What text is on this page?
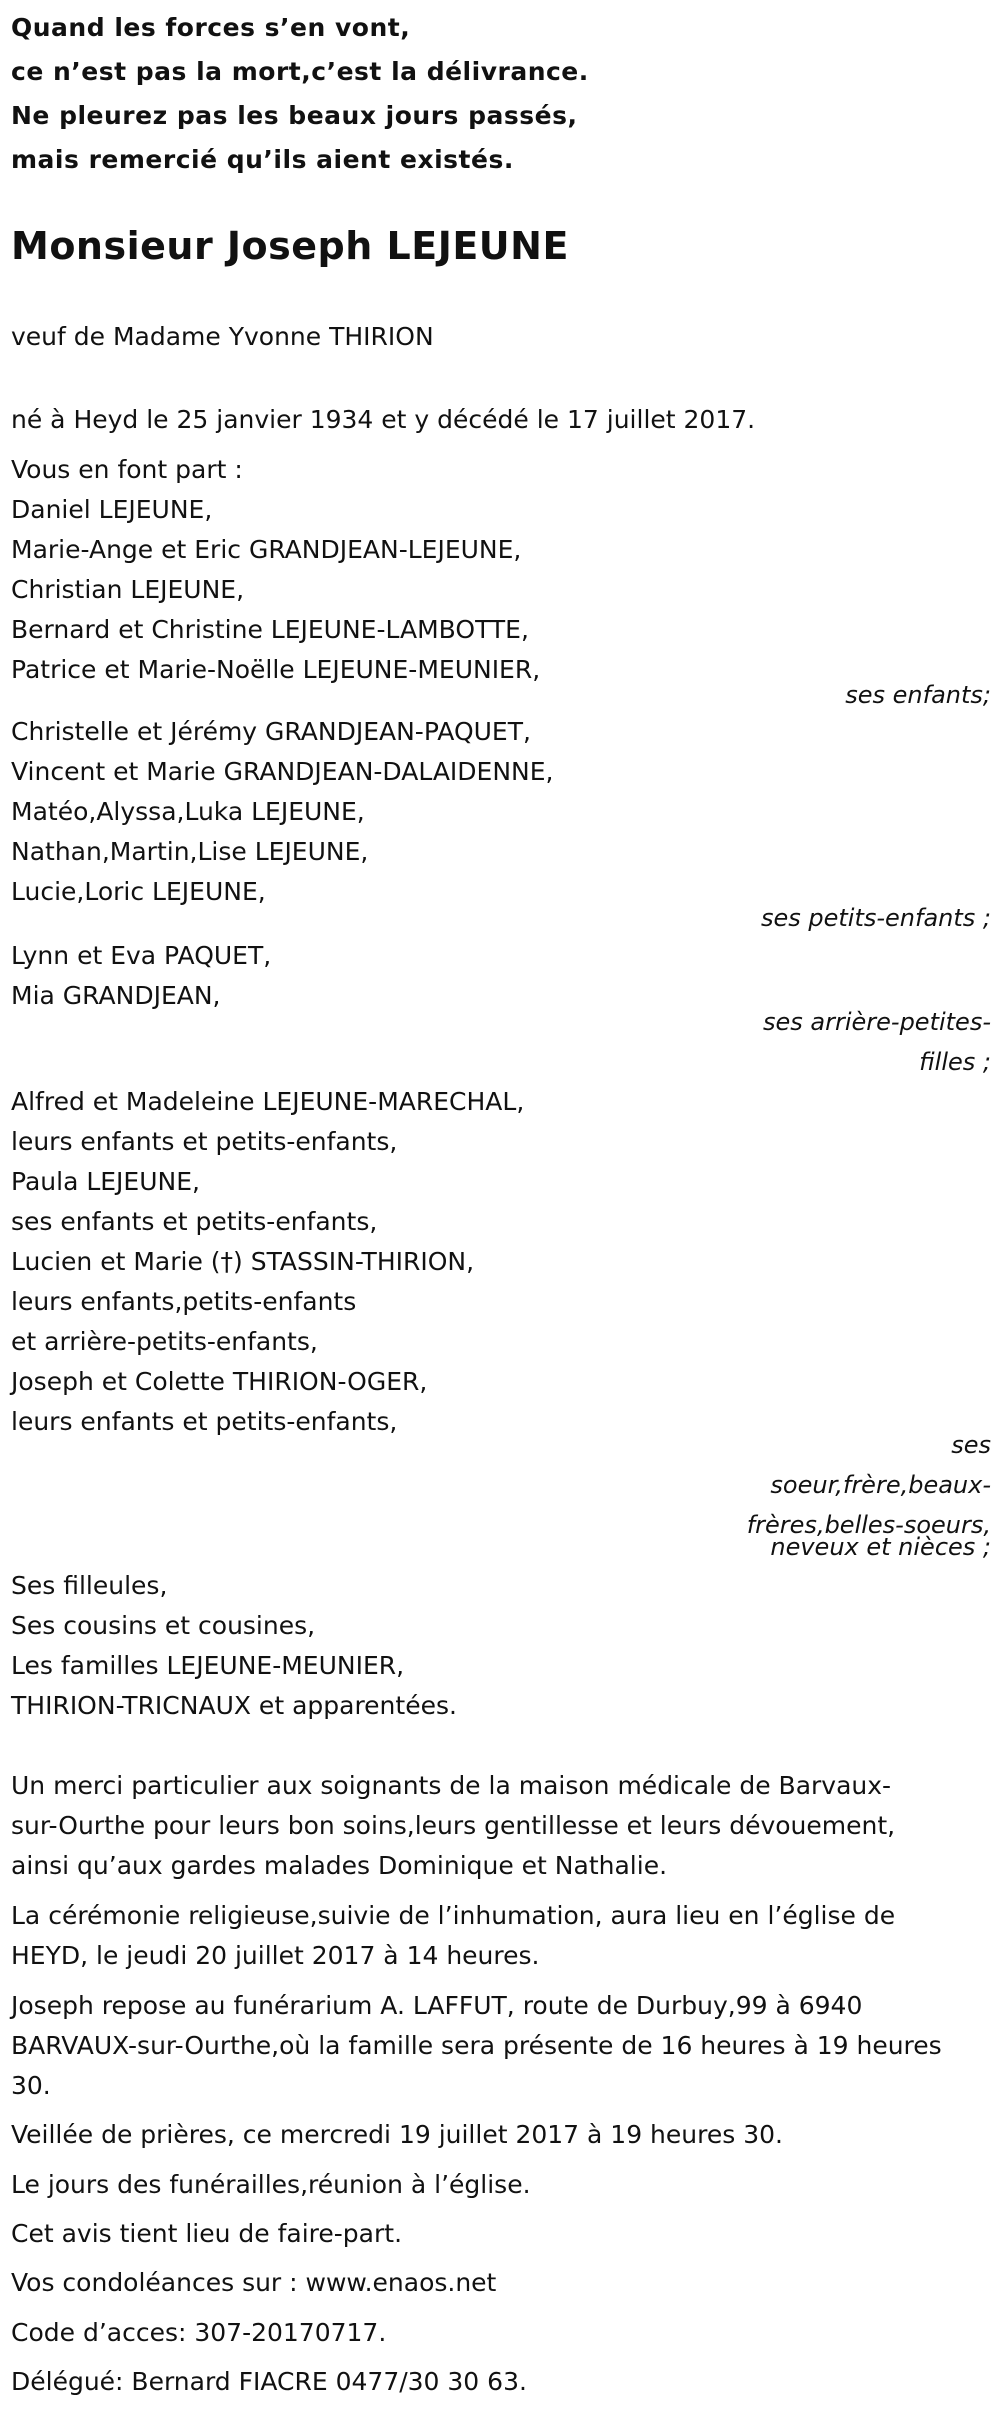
Quand les forces s’en vont,
ce n’est pas la mort,c’est la délivrance.
Ne pleurez pas les beaux jours passés,
mais remercié qu’ils aient existés.
Monsieur Joseph LEJEUNE
veuf de Madame Yvonne THIRION
né à Heyd le 25 janvier 1934 et y décédé le 17 juillet 2017.
Vous en font part :
Daniel LEJEUNE,
Marie-Ange et Eric GRANDJEAN-LEJEUNE,
Christian LEJEUNE,
Bernard et Christine LEJEUNE-LAMBOTTE,
Patrice et Marie-Noëlle LEJEUNE-MEUNIER,
ses enfants;
Christelle et Jérémy GRANDJEAN-PAQUET,
Vincent et Marie GRANDJEAN-DALAIDENNE,
Matéo,Alyssa,Luka LEJEUNE,
Nathan,Martin,Lise LEJEUNE,
Lucie,Loric LEJEUNE,
ses petits-enfants ;
Lynn et Eva PAQUET,
Mia GRANDJEAN,
ses arrière-petites-
filles ;
Alfred et Madeleine LEJEUNE-MARECHAL,
leurs enfants et petits-enfants,
Paula LEJEUNE,
ses enfants et petits-enfants,
Lucien et Marie (†) STASSIN-THIRION,
leurs enfants,petits-enfants
et arrière-petits-enfants,
Joseph et Colette THIRION-OGER,
leurs enfants et petits-enfants,
ses
soeur,frère,beaux-
frères,belles-soeurs,
neveux et nièces ;
Ses filleules,
Ses cousins et cousines,
Les familles LEJEUNE-MEUNIER,
THIRION-TRICNAUX et apparentées.
Un merci particulier aux soignants de la maison médicale de Barvaux-
sur-Ourthe pour leurs bon soins,leurs gentillesse et leurs dévouement,
ainsi qu’aux gardes malades Dominique et Nathalie.
La cérémonie religieuse,suivie de l’inhumation, aura lieu en l’église de
HEYD, le jeudi 20 juillet 2017 à 14 heures.
Joseph repose au funérarium A. LAFFUT, route de Durbuy,99 à 6940
BARVAUX-sur-Ourthe,où la famille sera présente de 16 heures à 19 heures
30.
Veillée de prières, ce mercredi 19 juillet 2017 à 19 heures 30.
Le jours des funérailles,réunion à l’église.
Cet avis tient lieu de faire-part.
Vos condoléances sur : www.enaos.net
Code d’acces: 307-20170717.
Délégué: Bernard FIACRE 0477/30 30 63.
